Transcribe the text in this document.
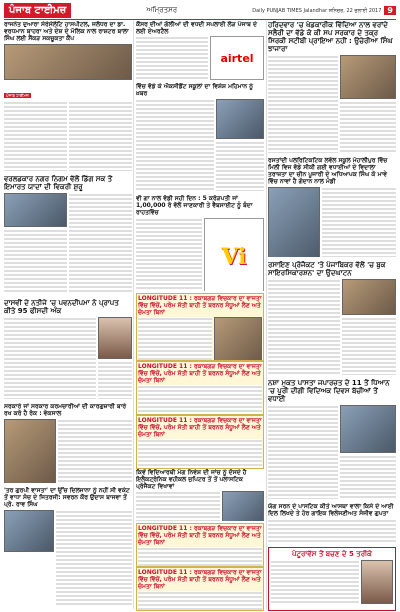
ਪੰਜਾਬ ਟਾਈਮਜ਼	ਅਮ੍ਰਿਤਸਰ	Daily PUNJAB TIMES Jalandhar ਸ਼ਨਿਚਰ, 22 ਜੁਲਾਈ 2017 9
ਰਾਜਨੇਤ ਦੁਆਰਾ ਸੇਰੇਸੇਲੇਟਿ ਹਾਸਪੀਟਲ, ਜਲੰਧਰ ਦਾ ਡਾ. ਵਰਧਮਾਨ ਬਾਹਰਾ ਅਤੇ ਦੇਸ਼ ਦੇ ਮੱਲਿਕ ਨਾਲ ਰਾਸ਼ਟਰ ਬਾਲਾ ਸਿੰਘ ਲਈ ਸੈਂਕੜ ਸਕਚੂਕਤਾ ਕੈਂਪ
ਪੰਜਾਬ ਟਾਈਮਜ਼
ਵਰਲਡਕਾਰ ਨਗਰ ਨਿਗਮ ਵੱਲੋਂ ਡਿੱਗ ਸਕ ਤੋਂ ਇਮਾਰਤ ਯਾਦਾਂ ਦੀ ਵਿਕਰੀ ਸ਼ੁਰੂ
ਦਾਸਵੀਂ ਦੇ ਨਤੀਜੇ 'ਚ ਪਵਨਦੀਪਮਾ ਨੇ ਪ੍ਰਾਪਤ ਕੀਤੇ 95 ਫੀਸਦੀ ਅੰਕ
ਸਰਕਾਰੇ ਜਾਂ ਸਰਕਾਰ ਕਰਮਚਾਰੀਆਂ ਦੀ ਕਾਰਗੁਜ਼ਾਰੀ ਬਾਰੇ ਰਖ ਕਰੋ ਹੈ ਰੋਕ : ਵੋਕਸਾਲ
'ਤਰ ਗੁਰਪੀ ਵਾਸਤਾ' ਦਾ ਉੱਚ ਦਿਲਜਾਨਾ ਨੂੰ ਨਹੀਂ ਸੀ ਵਕੇਟ ਤੋਂ ਵਾਧਾ ਸੋਚ ਦੇ ਜਿਤਰਜੀ: ਸਵਰਨ ਕੌਰ ਉਦਾਸ ਬਾਜਵਾ ਤੋਂ ਪ੍ਰੋ. ਰਾਵ ਸਿੰਘ
ਕੈਂਸਰ ਦੀਆਂ ਗੋਲੀਆਂ ਦੀ ਵਧਦੀ ਸਪਲਾਈ ਲੋੜ ਪੰਜਾਬ ਦੇ ਲਈ ਏਅਰਟੈਲ
airtel
ਵਿੱਚ ਵੱਡੇ ਕੇ ਐਕਸੀਡੈਂਟ ਸਕੂਲਾਂ ਦਾ ਵਿਸ਼ੇਸ਼ ਮਹਿਮਾਨ ਨੂੰ ਖ਼ਬਰ
ਵੀ ਗਾ ਨਾਲ ਵੱਡੀ ਸਹੀ ਦਿਨ : 5 ਕਰੋੜਪਤੀ ਜਾਂ 1,00,000 ਰੋ ਵੱਲੋਂ ਜਾਣਕਾਰੀ ਤੇ ਵੈਬਸਾਈਟ ਨੂੰ ਬੰਦਾ ਰਾਹਤਵਿੱਚ
Vi
LONGITUDE 11 : ਰਕਾਬਗੜ ਵਿਚਕਾਰ ਦਾ ਵਾਜਤਾ ਵਿੱਚ ਵਿੱਚੋਂ, ਪਰੋਮ ਸੱਤੀ ਬਾਹੀ ਤੋਂ ਬਰਨਰ ਸੰਧੂਆਂ ਲੈਣ ਅਤੇ ਚੋਮਤਾ ਬਿਨਾਂ
LONGITUDE 11 : ਰਕਾਬਗੜ ਵਿਚਕਾਰ ਦਾ ਵਾਜਤਾ ਵਿੱਚ ਵਿੱਚੋਂ, ਪਰੋਮ ਸੱਤੀ ਬਾਹੀ ਤੋਂ ਬਰਨਰ ਸੰਧੂਆਂ ਲੈਣ ਅਤੇ ਚੋਮਤਾ ਬਿਨਾਂ
LONGITUDE 11 : ਰਕਾਬਗੜ ਵਿਚਕਾਰ ਦਾ ਵਾਜਤਾ ਵਿੱਚ ਵਿੱਚੋਂ, ਪਰੋਮ ਸੱਤੀ ਬਾਹੀ ਤੋਂ ਬਰਨਰ ਸੰਧੂਆਂ ਲੈਣ ਅਤੇ ਚੋਮਤਾ ਬਿਨਾਂ
ਕਿਵੇਂ ਵਿਦਿਆਰਥੀ ਮੰਗ ਨਿਵੇਸ਼ ਦੀ ਜਾਂਚ ਨੂੰ ਦੱਸਦੇ ਹੈ ਇਲੈਕਟ੍ਰੋਨਿਕ ਵਹੀਕਲ ਜੁਪਿਟਰ ਤੋਂ ਤੋਂ ਪਲਾਸਟਿਕ ਪ੍ਰੋਜੈਕਟ ਵਿਖਾਵਾਂ
LONGITUDE 11 : ਰਕਾਬਗੜ ਵਿਚਕਾਰ ਦਾ ਵਾਜਤਾ ਵਿੱਚ ਵਿੱਚੋਂ, ਪਰੋਮ ਸੱਤੀ ਬਾਹੀ ਤੋਂ ਬਰਨਰ ਸੰਧੂਆਂ ਲੈਣ ਅਤੇ ਚੋਮਤਾ ਬਿਨਾਂ
LONGITUDE 11 : ਰਕਾਬਗੜ ਵਿਚਕਾਰ ਦਾ ਵਾਜਤਾ ਵਿੱਚ ਵਿੱਚੋਂ, ਪਰੋਮ ਸੱਤੀ ਬਾਹੀ ਤੋਂ ਬਰਨਰ ਸੰਧੂਆਂ ਲੈਣ ਅਤੇ ਚੋਮਤਾ ਬਿਨਾਂ
ਹਰਿਦਵਾਰ 'ਚ ਖੇਡਕਾਰੀਕ ਵਿੱਦਿਆ ਨਾਲ ਵਰਾਂਦੇ ਸਲੈਰੀ ਦਾ ਵੱਡੇ ਕੇ ਕੀ ਸਪ ਸਰਕਾਰ ਦੇ ਤਕ੍ਰ ਸਿਰਕੀ ਸਟੀਬੀ ਪ੍ਰਾਇਆ ਨਹੀਂ : ਉਚੇਰੀਆ ਸਿੰਘ ਝਾਜਾਰਾ
ਰਸਤਾਂਦੀ ਪਲਰਿਟਿਕਟਿਕ ਲਵੋਲ ਸਕੂਲ ਮੋਹਾਲੀਪੁਰ ਵਿੱਚ ਮਿਲੀ ਵਿਜ ਵੱਡੇ ਸੀਕੀ ਗਈ ਵਧਾਈਆਂ ਦੇ ਵਿਦਾਲਾ ਤਰਾਜ਼ਤਾ ਦਾ ਚੀਨ ਪੂਜਾਰੀ ਦੇ ਅਧਿਆਪਕ ਸਿੰਘ ਕੋ ਮਾਵੇ ਵਿੱਚ ਨਾਵਾਂ ਹੈ ਗੋਦਾਨ ਨਾਲ ਮੰਡੀ
ਰਸਾਇਣ ਪ੍ਰੋਜੈਕਟ 'ਤੇ ਪੰਜਾਬਿਕਰ ਵੱਲੋਂ 'ਚ ਬੁਕ ਸਾਇਰਸਿਕਾਰਸ਼ਨ' ਦਾ ਉਦਘਾਟਨ
ਨਸ਼ਾ ਮੁਕਤ ਪਾਸਤਾ ਜਪਾਰਜ਼ਤ ਦੇ 11 ਤੋਂ ਧਿਆਨ 'ਚ ਪੂਰੀ ਦੀਗੀ ਵਿਦਿਅਕ ਦਿਵਸ ਬੱਚੀਆਂ ਤੋਂ ਵਧਾਈ
ਯੋਗ ਸਰਨ ਦੇ ਪਾਸਟਿਕ ਕੀਤੇ ਆਸਥਾ ਵਾਲਾ ਕਿਸੇ ਦੇ ਆਈ ਦਿਲ ਲਿਖਦੇ ਤੇ ਹੋਰ ਗਾਇਕ ਵਿਲੇਜਣੀਅਤ ਸੰਜੀਵ ਗੁਪਤਾ
ਪੇਟੂਰਾਵੱਸ ਤੋਂ ਬਚਣ ਦੇ 5 ਤਰੀਕੇ
